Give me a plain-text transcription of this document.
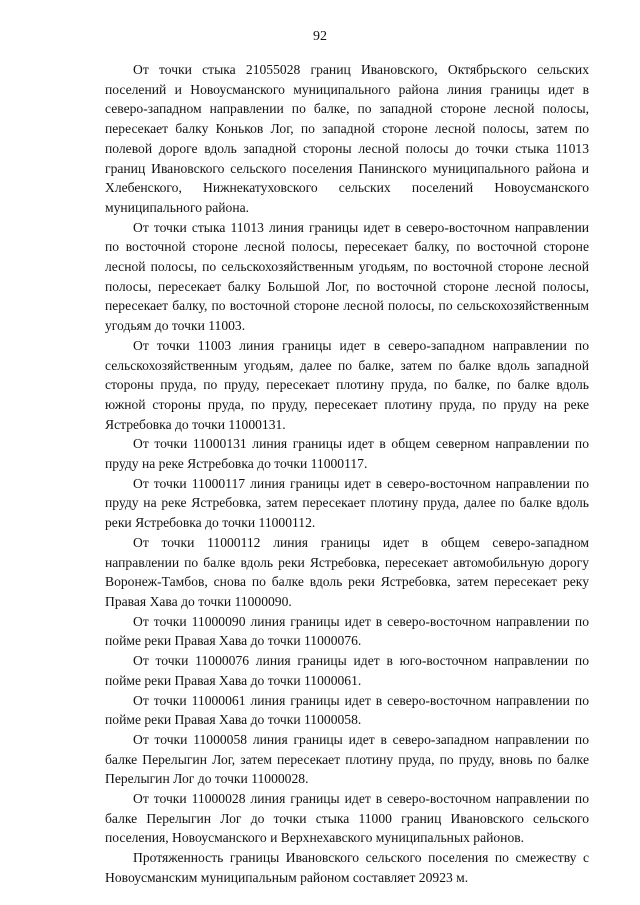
92

От точки стыка 21055028 границ Ивановского, Октябрьского сельских поселений и Новоусманского муниципального района линия границы идет в северо-западном направлении по балке, по западной стороне лесной полосы, пересекает балку Коньков Лог, по западной стороне лесной полосы, затем по полевой дороге вдоль западной стороны лесной полосы до точки стыка 11013 границ Ивановского сельского поселения Панинского муниципального района и Хлебенского, Нижнекатуховского сельских поселений Новоусманского муниципального района.

От точки стыка 11013 линия границы идет в северо-восточном направлении по восточной стороне лесной полосы, пересекает балку, по восточной стороне лесной полосы, по сельскохозяйственным угодьям, по восточной стороне лесной полосы, пересекает балку Большой Лог, по восточной стороне лесной полосы, пересекает балку, по восточной стороне лесной полосы, по сельскохозяйственным угодьям до точки 11003.

От точки 11003 линия границы идет в северо-западном направлении по сельскохозяйственным угодьям, далее по балке, затем по балке вдоль западной стороны пруда, по пруду, пересекает плотину пруда, по балке, по балке вдоль южной стороны пруда, по пруду, пересекает плотину пруда, по пруду на реке Ястребовка до точки 11000131.

От точки 11000131 линия границы идет в общем северном направлении по пруду на реке Ястребовка до точки 11000117.

От точки 11000117 линия границы идет в северо-восточном направлении по пруду на реке Ястребовка, затем пересекает плотину пруда, далее по балке вдоль реки Ястребовка до точки 11000112.

От точки 11000112 линия границы идет в общем северо-западном направлении по балке вдоль реки Ястребовка, пересекает автомобильную дорогу Воронеж-Тамбов, снова по балке вдоль реки Ястребовка, затем пересекает реку Правая Хава до точки 11000090.

От точки 11000090 линия границы идет в северо-восточном направлении по пойме реки Правая Хава до точки 11000076.

От точки 11000076 линия границы идет в юго-восточном направлении по пойме реки Правая Хава до точки 11000061.

От точки 11000061 линия границы идет в северо-восточном направлении по пойме реки Правая Хава до точки 11000058.

От точки 11000058 линия границы идет в северо-западном направлении по балке Перелыгин Лог, затем пересекает плотину пруда, по пруду, вновь по балке Перелыгин Лог до точки 11000028.

От точки 11000028 линия границы идет в северо-восточном направлении по балке Перелыгин Лог до точки стыка 11000 границ Ивановского сельского поселения, Новоусманского и Верхнехавского муниципальных районов.

Протяженность границы Ивановского сельского поселения по смежеству с Новоусманским муниципальным районом составляет 20923 м.
